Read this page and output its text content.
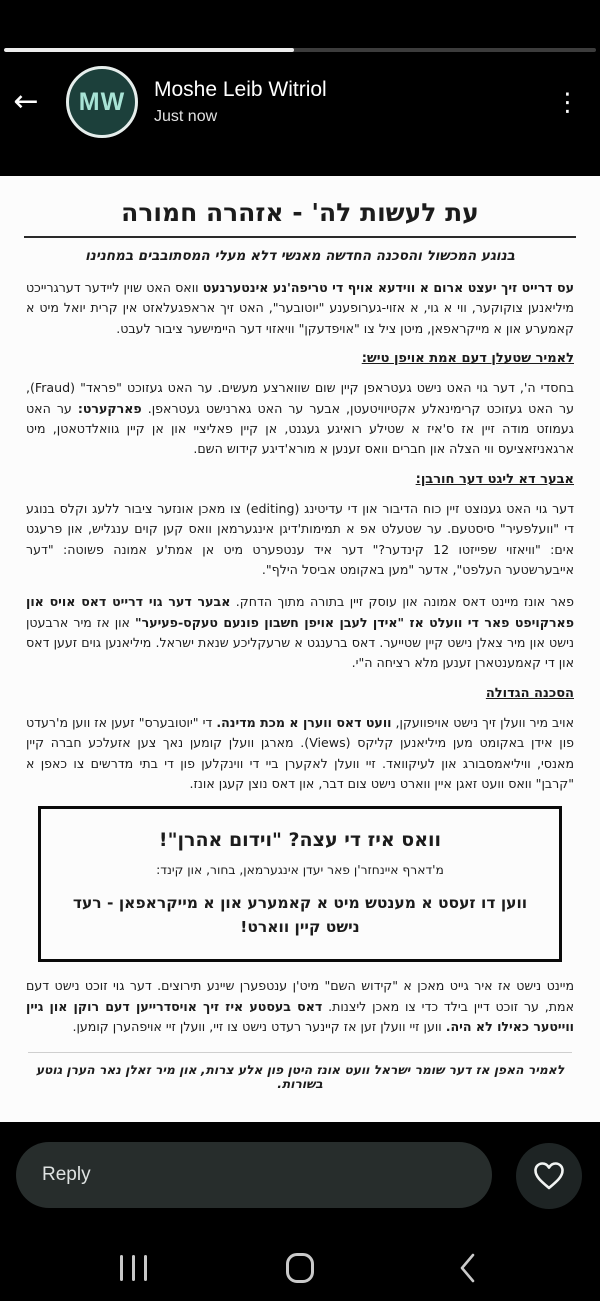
←	MW Moshe Leib Witriol
Just now	⋮

עת לעשות לה' - אזהרה חמורה

בנוגע המכשול והסכנה החדשה מאנשי דלא מעלי המסתובבים במחנינו

עס דרייט זיך יעצט ארום א ווידעא אויף די טריפה'נע אינטערנעט וואס האט שוין ליידער דערגרייכט מיליאנען צוקוקער, ווי א גוי, א אזוי-גערופענע "יוטובער", האט זיך אראפגעלאזט אין קרית יואל מיט א קאמערע און א מייקראפאן, מיטן ציל צו "אויפדעקן" וויאזוי דער היימישער ציבור לעבט.

לאמיר שטעלן דעם אמת אויפן טיש:

בחסדי ה', דער גוי האט נישט געטראפן קיין שום שווארצע מעשים. ער האט געזוכט "פראד" (Fraud), ער האט געזוכט קרימינאלע אקטיוויטעטן, אבער ער האט גארנישט געטראפן. פארקערט: ער האט געמוזט מודה זיין אז ס'איז א שטילע רואיגע געגנט, אן קיין פאליציי און אן קיין גוואלדטאטן, מיט ארגאניזאציעס ווי הצלה און חברים וואס זענען א מורא'דיגע קידוש השם.

אבער דא ליגט דער חורבן:

דער גוי האט גענוצט זיין כוח הדיבור און די עדיטינג (editing) צו מאכן אונזער ציבור ללעג וקלס בנוגע די "וועלפעיר" סיסטעם. ער שטעלט אפ א תמימות'דיגן אינגערמאן וואס קען קוים ענגליש, און פרעגט אים: "וויאזוי שפייזטו 12 קינדער?" דער איד ענטפערט מיט אן אמת'ע אמונה פשוטה: "דער אייבערשטער העלפט", אדער "מען באקומט אביסל הילף".

פאר אונז מיינט דאס אמונה און עוסק זיין בתורה מתוך הדחק. אבער דער גוי דרייט דאס אויס און פארקויפט פאר די וועלט אז "אידן לעבן אויפן חשבון פונעם טעקס-פעיער" און אז מיר ארבעטן נישט און מיר צאלן נישט קיין שטייער. דאס ברענגט א שרעקליכע שנאת ישראל. מיליאנען גוים זעען דאס און די קאמענטארן זענען מלא רציחה ה"י.

הסכנה הגדולה

אויב מיר וועלן זיך נישט אויפוועקן, וועט דאס ווערן א מכת מדינה. די "יוטובערס" זעען אז ווען מ'רעדט פון אידן באקומט מען מיליאנען קליקס (Views). מארגן וועלן קומען נאך צען אזעלכע חברה קיין מאנסי, וויליאמסבורג און לעיקוואד. זיי וועלן לאקערן ביי די ווינקלען פון די בתי מדרשים צו כאפן א "קרבן" וואס וועט זאגן איין ווארט נישט צום דבר, און דאס נוצן קעגן אונז.

וואס איז די עצה? "וידום אהרן"!

מ'דארף איינחזר'ן פאר יעדן אינגערמאן, בחור, און קינד:

ווען דו זעסט א מענטש מיט א קאמערע און א מייקראפאן - רעד נישט קיין ווארט!

מיינט נישט אז איר גייט מאכן א "קידוש השם" מיט'ן ענטפערן שיינע תירוצים. דער גוי זוכט נישט דעם אמת, ער זוכט דיין בילד כדי צו מאכן ליצנות. דאס בעסטע איז זיך אויסדרייען דעם רוקן און גיין ווייטער כאילו לא היה. ווען זיי וועלן זען אז קיינער רעדט נישט צו זיי, וועלן זיי אויפהערן קומען.

לאמיר האפן אז דער שומר ישראל וועט אונז היטן פון אלע צרות, און מיר זאלן נאר הערן גוטע בשורות.

Reply
